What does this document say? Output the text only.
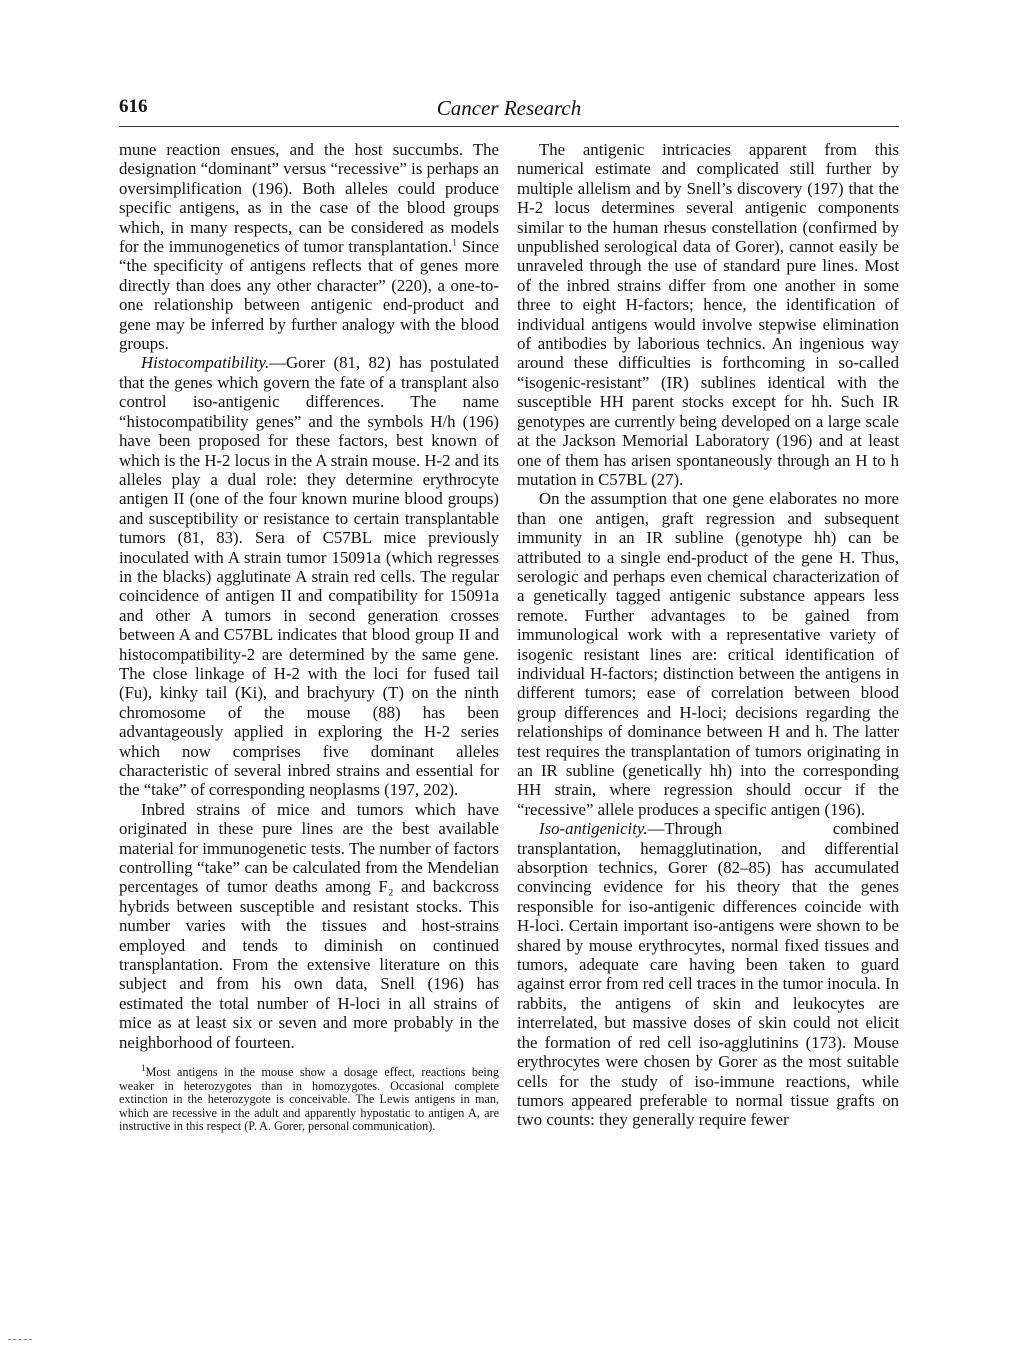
616	Cancer Research

mune reaction ensues, and the host succumbs. The designation “dominant” versus “recessive” is perhaps an oversimplification (196). Both alleles could produce specific antigens, as in the case of the blood groups which, in many respects, can be considered as models for the immunogenetics of tumor transplantation.$^1$ Since “the specificity of antigens reflects that of genes more directly than does any other character” (220), a one-to-one relationship between antigenic end-product and gene may be inferred by further analogy with the blood groups.

Histocompatibility.—Gorer (81, 82) has postulated that the genes which govern the fate of a transplant also control iso-antigenic differences. The name “histocompatibility genes” and the symbols H/h (196) have been proposed for these factors, best known of which is the H-2 locus in the A strain mouse. H-2 and its alleles play a dual role: they determine erythrocyte antigen II (one of the four known murine blood groups) and susceptibility or resistance to certain transplantable tumors (81, 83). Sera of C57BL mice previously inoculated with A strain tumor 15091a (which regresses in the blacks) agglutinate A strain red cells. The regular coincidence of antigen II and compatibility for 15091a and other A tumors in second generation crosses between A and C57BL indicates that blood group II and histocompatibility-2 are determined by the same gene. The close linkage of H-2 with the loci for fused tail (Fu), kinky tail (Ki), and brachyury (T) on the ninth chromosome of the mouse (88) has been advantageously applied in exploring the H-2 series which now comprises five dominant alleles characteristic of several inbred strains and essential for the “take” of corresponding neoplasms (197, 202).

Inbred strains of mice and tumors which have originated in these pure lines are the best available material for immunogenetic tests. The number of factors controlling “take” can be calculated from the Mendelian percentages of tumor deaths among F₂ and backcross hybrids between susceptible and resistant stocks. This number varies with the tissues and host-strains employed and tends to diminish on continued transplantation. From the extensive literature on this subject and from his own data, Snell (196) has estimated the total number of H-loci in all strains of mice as at least six or seven and more probably in the neighborhood of fourteen.

$^1$Most antigens in the mouse show a dosage effect, reactions being weaker in heterozygotes than in homozygotes. Occasional complete extinction in the heterozygote is conceivable. The Lewis antigens in man, which are recessive in the adult and apparently hypostatic to antigen A, are instructive in this respect (P. A. Gorer, personal communication).

The antigenic intricacies apparent from this numerical estimate and complicated still further by multiple allelism and by Snell’s discovery (197) that the H-2 locus determines several antigenic components similar to the human rhesus constellation (confirmed by unpublished serological data of Gorer), cannot easily be unraveled through the use of standard pure lines. Most of the inbred strains differ from one another in some three to eight H-factors; hence, the identification of individual antigens would involve stepwise elimination of antibodies by laborious technics. An ingenious way around these difficulties is forthcoming in so-called “isogenic-resistant” (IR) sublines identical with the susceptible HH parent stocks except for hh. Such IR genotypes are currently being developed on a large scale at the Jackson Memorial Laboratory (196) and at least one of them has arisen spontaneously through an H to h mutation in C57BL (27).

On the assumption that one gene elaborates no more than one antigen, graft regression and subsequent immunity in an IR subline (genotype hh) can be attributed to a single end-product of the gene H. Thus, serologic and perhaps even chemical characterization of a genetically tagged antigenic substance appears less remote. Further advantages to be gained from immunological work with a representative variety of isogenic resistant lines are: critical identification of individual H-factors; distinction between the antigens in different tumors; ease of correlation between blood group differences and H-loci; decisions regarding the relationships of dominance between H and h. The latter test requires the transplantation of tumors originating in an IR subline (genetically hh) into the corresponding HH strain, where regression should occur if the “recessive” allele produces a specific antigen (196).

Iso-antigenicity.—Through combined transplantation, hemagglutination, and differential absorption technics, Gorer (82–85) has accumulated convincing evidence for his theory that the genes responsible for iso-antigenic differences coincide with H-loci. Certain important iso-antigens were shown to be shared by mouse erythrocytes, normal fixed tissues and tumors, adequate care having been taken to guard against error from red cell traces in the tumor inocula. In rabbits, the antigens of skin and leukocytes are interrelated, but massive doses of skin could not elicit the formation of red cell iso-agglutinins (173). Mouse erythrocytes were chosen by Gorer as the most suitable cells for the study of iso-immune reactions, while tumors appeared preferable to normal tissue grafts on two counts: they generally require fewer
